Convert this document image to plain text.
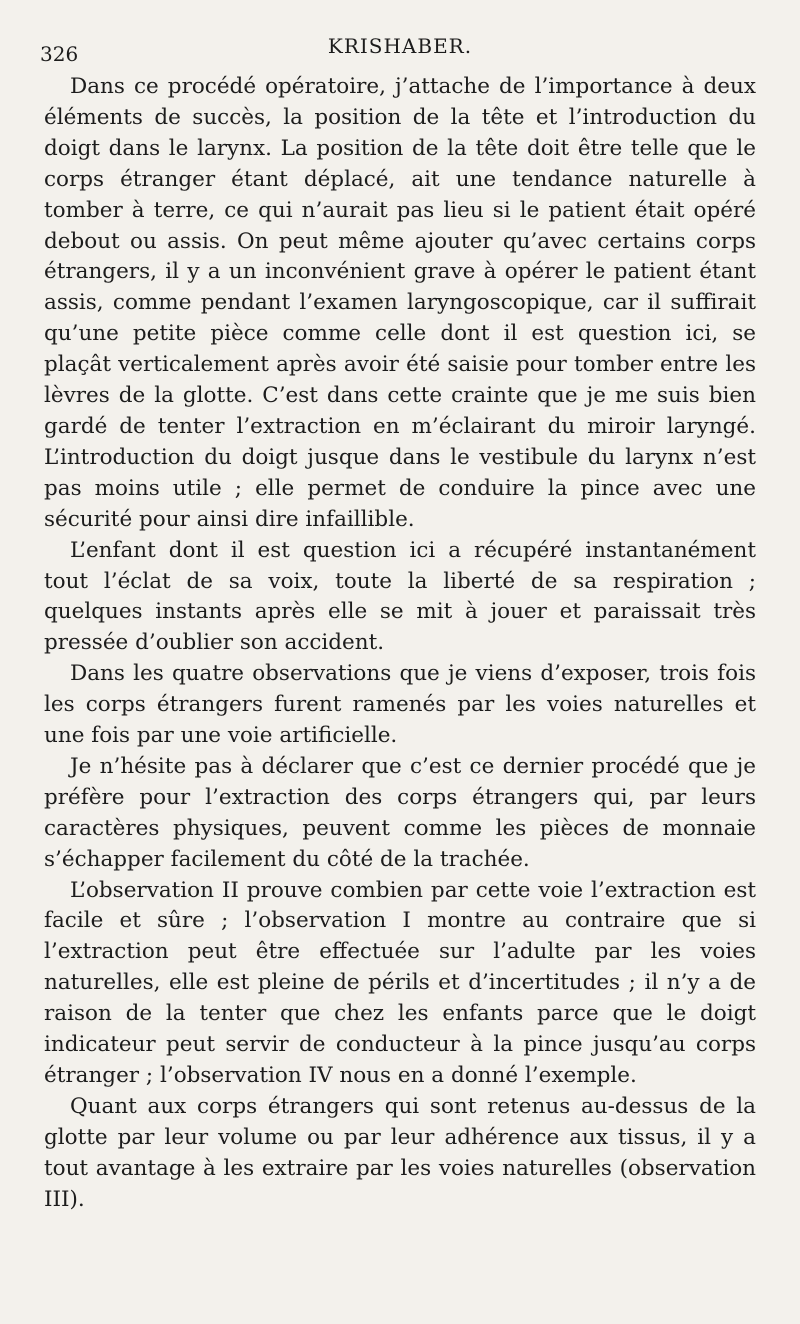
326	KRISHABER.

Dans ce procédé opératoire, j’attache de l’importance à deux éléments de succès, la position de la tête et l’introduction du doigt dans le larynx. La position de la tête doit être telle que le corps étranger étant déplacé, ait une tendance naturelle à tomber à terre, ce qui n’aurait pas lieu si le patient était opéré debout ou assis. On peut même ajouter qu’avec certains corps étrangers, il y a un inconvénient grave à opérer le patient étant assis, comme pendant l’examen laryngoscopique, car il suffirait qu’une petite pièce comme celle dont il est question ici, se plaçât verticalement après avoir été saisie pour tomber entre les lèvres de la glotte. C’est dans cette crainte que je me suis bien gardé de tenter l’extraction en m’éclairant du miroir laryngé. L’introduction du doigt jusque dans le vestibule du larynx n’est pas moins utile ; elle permet de conduire la pince avec une sécurité pour ainsi dire infaillible.

L’enfant dont il est question ici a récupéré instantanément tout l’éclat de sa voix, toute la liberté de sa respiration ; quelques instants après elle se mit à jouer et paraissait très pressée d’oublier son accident.

Dans les quatre observations que je viens d’exposer, trois fois les corps étrangers furent ramenés par les voies naturelles et une fois par une voie artificielle.

Je n’hésite pas à déclarer que c’est ce dernier procédé que je préfère pour l’extraction des corps étrangers qui, par leurs caractères physiques, peuvent comme les pièces de monnaie s’échapper facilement du côté de la trachée.

L’observation II prouve combien par cette voie l’extraction est facile et sûre ; l’observation I montre au contraire que si l’extraction peut être effectuée sur l’adulte par les voies naturelles, elle est pleine de périls et d’incertitudes ; il n’y a de raison de la tenter que chez les enfants parce que le doigt indicateur peut servir de conducteur à la pince jusqu’au corps étranger ; l’observation IV nous en a donné l’exemple.

Quant aux corps étrangers qui sont retenus au-dessus de la glotte par leur volume ou par leur adhérence aux tissus, il y a tout avantage à les extraire par les voies naturelles (observation III).
